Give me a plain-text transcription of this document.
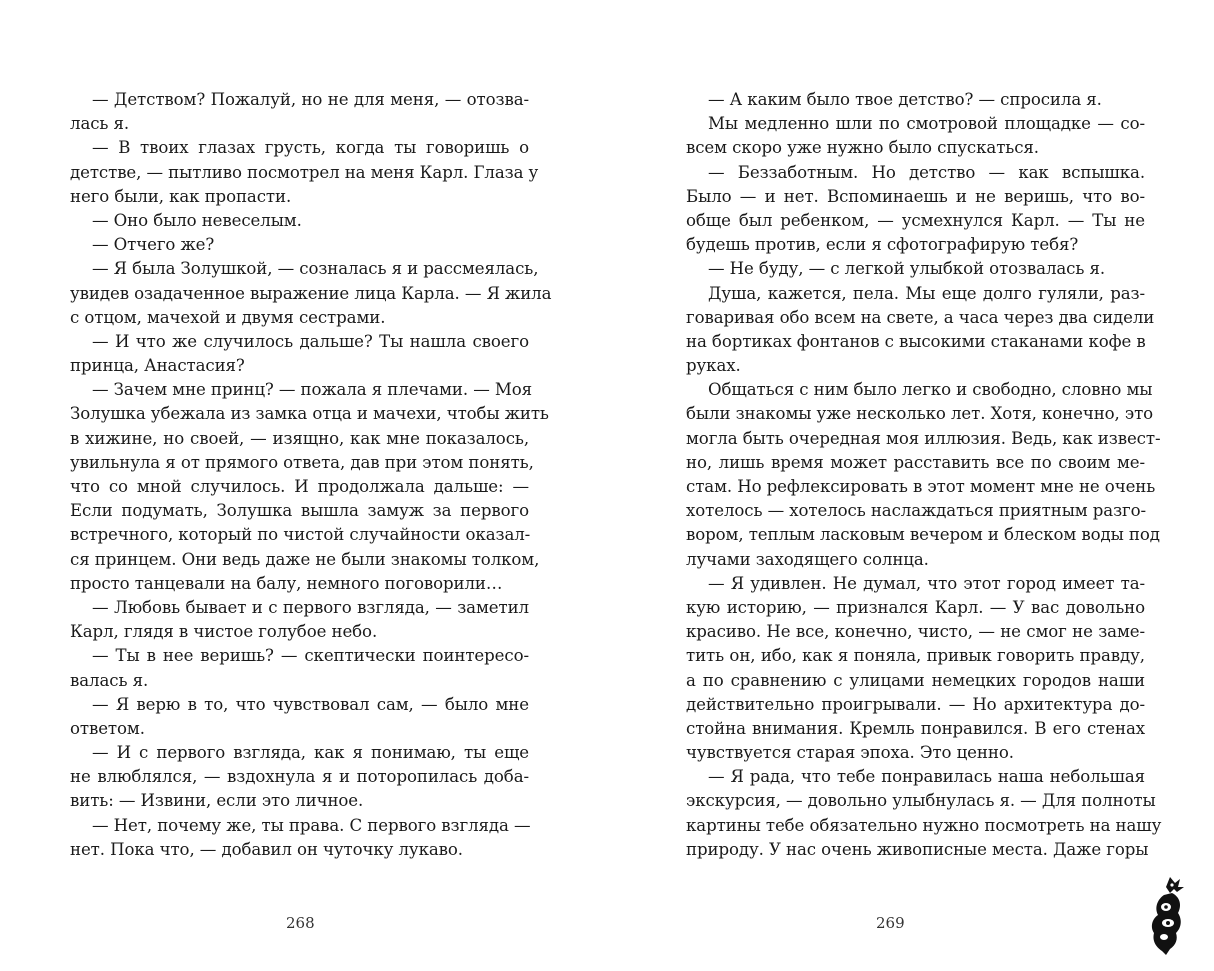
— Детством? Пожалуй, но не для меня, — отозва-
лась я.
— В твоих глазах грусть, когда ты говоришь о
детстве, — пытливо посмотрел на меня Карл. Глаза у
него были, как пропасти.
— Оно было невеселым.
— Отчего же?
— Я была Золушкой, — созналась я и рассмеялась,
увидев озадаченное выражение лица Карла. — Я жила
с отцом, мачехой и двумя сестрами.
— И что же случилось дальше? Ты нашла своего
принца, Анастасия?
— Зачем мне принц? — пожала я плечами. — Моя
Золушка убежала из замка отца и мачехи, чтобы жить
в хижине, но своей, — изящно, как мне показалось,
увильнула я от прямого ответа, дав при этом понять,
что со мной случилось. И продолжала дальше: —
Если подумать, Золушка вышла замуж за первого
встречного, который по чистой случайности оказал-
ся принцем. Они ведь даже не были знакомы толком,
просто танцевали на балу, немного поговорили…
— Любовь бывает и с первого взгляда, — заметил
Карл, глядя в чистое голубое небо.
— Ты в нее веришь? — скептически поинтересо-
валась я.
— Я верю в то, что чувствовал сам, — было мне
ответом.
— И с первого взгляда, как я понимаю, ты еще
не влюблялся, — вздохнула я и поторопилась доба-
вить: — Извини, если это личное.
— Нет, почему же, ты права. С первого взгляда —
нет. Пока что, — добавил он чуточку лукаво.
268
— А каким было твое детство? — спросила я.
Мы медленно шли по смотровой площадке — со-
всем скоро уже нужно было спускаться.
— Беззаботным. Но детство — как вспышка.
Было — и нет. Вспоминаешь и не веришь, что во-
обще был ребенком, — усмехнулся Карл. — Ты не
будешь против, если я сфотографирую тебя?
— Не буду, — с легкой улыбкой отозвалась я.
Душа, кажется, пела. Мы еще долго гуляли, раз-
говаривая обо всем на свете, а часа через два сидели
на бортиках фонтанов с высокими стаканами кофе в
руках.
Общаться с ним было легко и свободно, словно мы
были знакомы уже несколько лет. Хотя, конечно, это
могла быть очередная моя иллюзия. Ведь, как извест-
но, лишь время может расставить все по своим ме-
стам. Но рефлексировать в этот момент мне не очень
хотелось — хотелось наслаждаться приятным разго-
вором, теплым ласковым вечером и блеском воды под
лучами заходящего солнца.
— Я удивлен. Не думал, что этот город имеет та-
кую историю, — признался Карл. — У вас довольно
красиво. Не все, конечно, чисто, — не смог не заме-
тить он, ибо, как я поняла, привык говорить правду,
а по сравнению с улицами немецких городов наши
действительно проигрывали. — Но архитектура до-
стойна внимания. Кремль понравился. В его стенах
чувствуется старая эпоха. Это ценно.
— Я рада, что тебе понравилась наша небольшая
экскурсия, — довольно улыбнулась я. — Для полноты
картины тебе обязательно нужно посмотреть на нашу
природу. У нас очень живописные места. Даже горы
269
